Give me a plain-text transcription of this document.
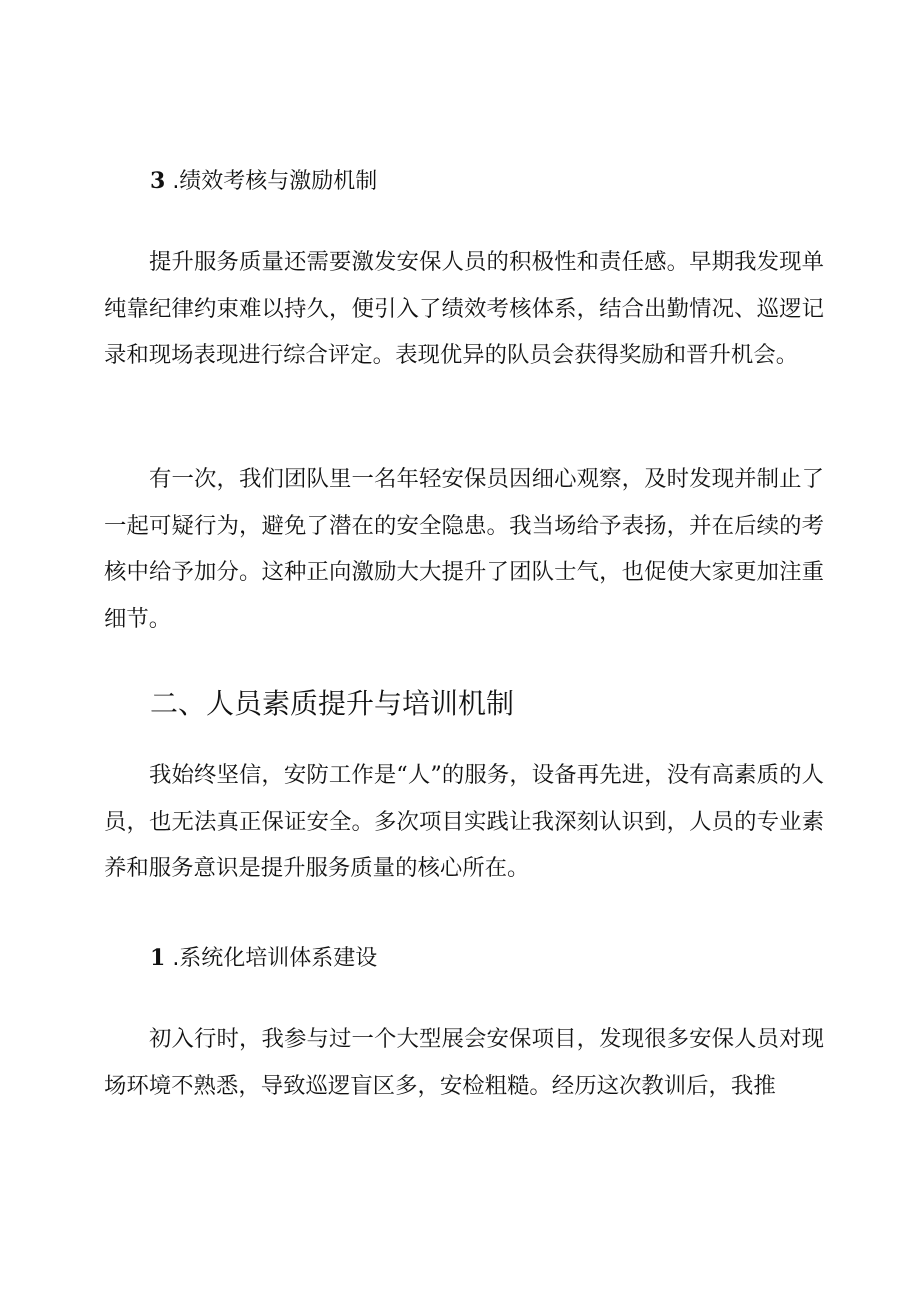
3 .绩效考核与激励机制

提升服务质量还需要激发安保人员的积极性和责任感。早期我发现单纯靠纪律约束难以持久，便引入了绩效考核体系，结合出勤情况、巡逻记录和现场表现进行综合评定。表现优异的队员会获得奖励和晋升机会。

有一次，我们团队里一名年轻安保员因细心观察，及时发现并制止了一起可疑行为，避免了潜在的安全隐患。我当场给予表扬，并在后续的考核中给予加分。这种正向激励大大提升了团队士气，也促使大家更加注重细节。

二、人员素质提升与培训机制

我始终坚信，安防工作是“人”的服务，设备再先进，没有高素质的人员，也无法真正保证安全。多次项目实践让我深刻认识到，人员的专业素养和服务意识是提升服务质量的核心所在。

1 .系统化培训体系建设

初入行时，我参与过一个大型展会安保项目，发现很多安保人员对现场环境不熟悉，导致巡逻盲区多，安检粗糙。经历这次教训后，我推
